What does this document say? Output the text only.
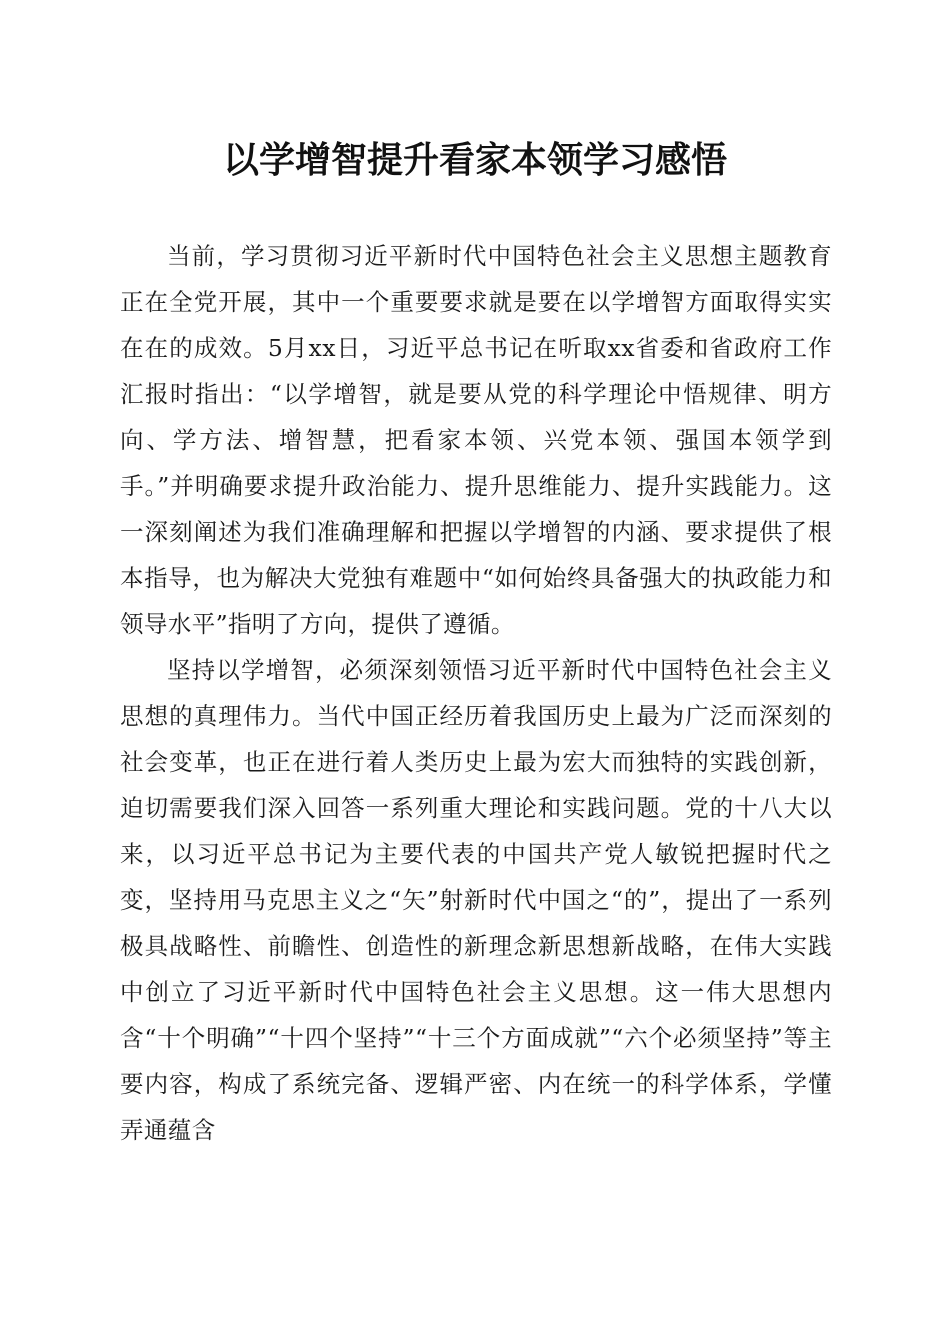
以学增智提升看家本领学习感悟

当前，学习贯彻习近平新时代中国特色社会主义思想主题教育正在全党开展，其中一个重要要求就是要在以学增智方面取得实实在在的成效。5月xx日，习近平总书记在听取xx省委和省政府工作汇报时指出：“以学增智，就是要从党的科学理论中悟规律、明方向、学方法、增智慧，把看家本领、兴党本领、强国本领学到手。”并明确要求提升政治能力、提升思维能力、提升实践能力。这一深刻阐述为我们准确理解和把握以学增智的内涵、要求提供了根本指导，也为解决大党独有难题中“如何始终具备强大的执政能力和领导水平”指明了方向，提供了遵循。

坚持以学增智，必须深刻领悟习近平新时代中国特色社会主义思想的真理伟力。当代中国正经历着我国历史上最为广泛而深刻的社会变革，也正在进行着人类历史上最为宏大而独特的实践创新，迫切需要我们深入回答一系列重大理论和实践问题。党的十八大以来，以习近平总书记为主要代表的中国共产党人敏锐把握时代之变，坚持用马克思主义之“矢”射新时代中国之“的”，提出了一系列极具战略性、前瞻性、创造性的新理念新思想新战略，在伟大实践中创立了习近平新时代中国特色社会主义思想。这一伟大思想内含“十个明确”“十四个坚持”“十三个方面成就”“六个必须坚持”等主要内容，构成了系统完备、逻辑严密、内在统一的科学体系，学懂弄通蕴含
